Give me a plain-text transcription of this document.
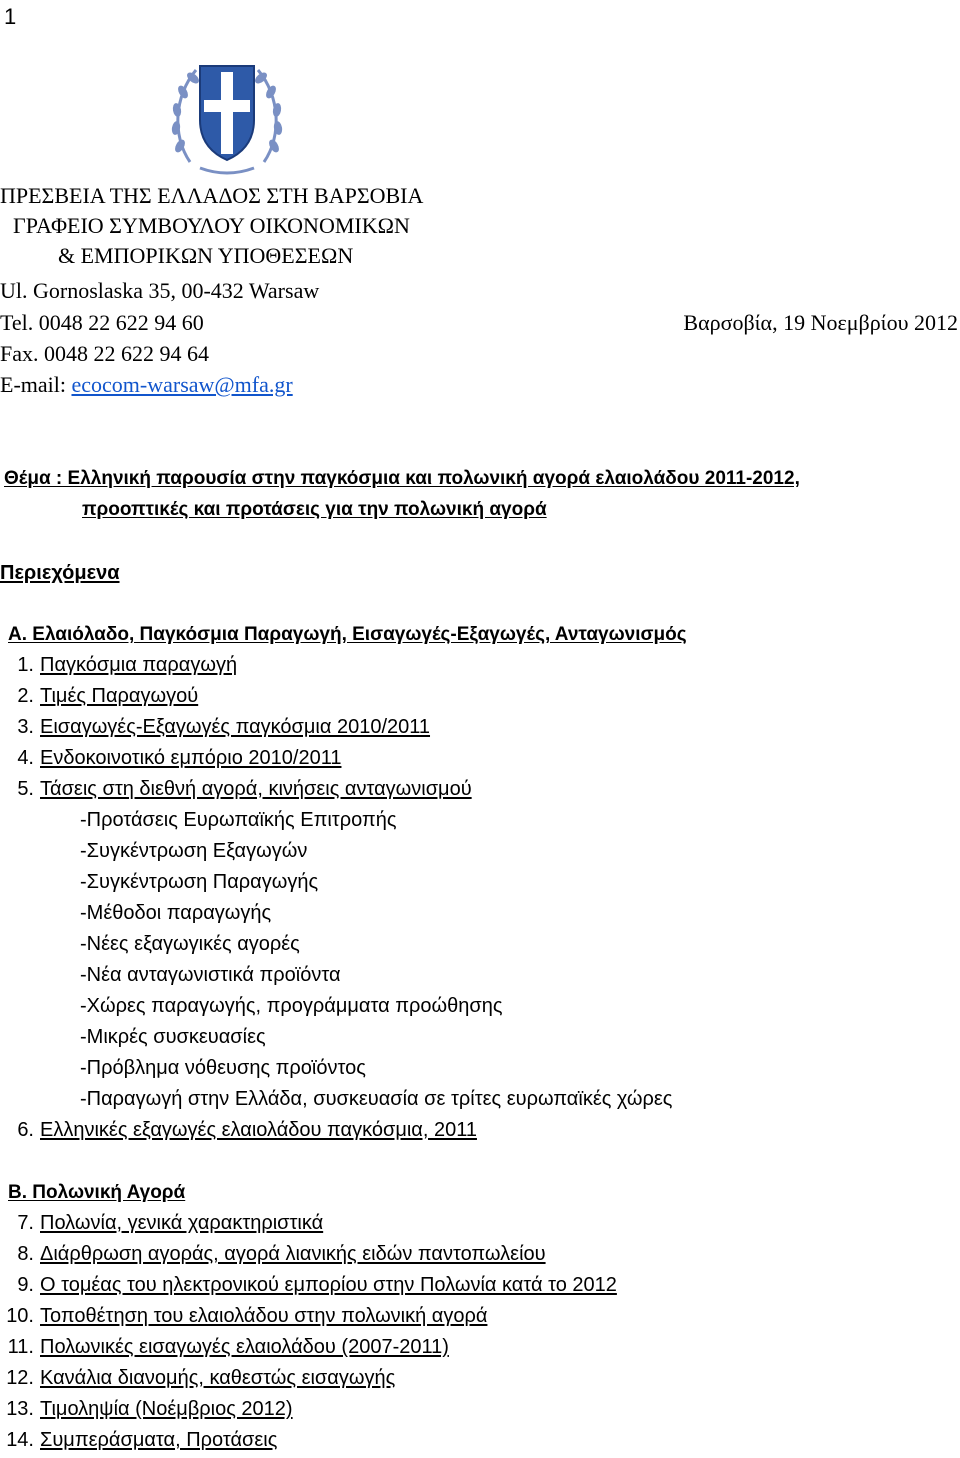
1
ΠΡΕΣΒΕΙΑ ΤΗΣ ΕΛΛΑΔΟΣ ΣΤΗ ΒΑΡΣΟΒΙΑ
ΓΡΑΦΕΙΟ ΣΥΜΒΟΥΛΟΥ ΟΙΚΟΝΟΜΙΚΩΝ
& ΕΜΠΟΡΙΚΩΝ ΥΠΟΘΕΣΕΩΝ
Ul. Gornoslaska 35, 00-432 Warsaw
Tel. 0048 22 622 94 60	Βαρσοβία, 19 Νοεμβρίου 2012
Fax. 0048 22 622 94 64
E-mail: ecocom-warsaw@mfa.gr
Θέμα : Ελληνική παρουσία στην παγκόσμια και πολωνική αγορά ελαιολάδου 2011-2012,
προοπτικές και προτάσεις για την πολωνική αγορά
Περιεχόμενα
Α. Ελαιόλαδο, Παγκόσμια Παραγωγή, Εισαγωγές-Εξαγωγές, Ανταγωνισμός
1. Παγκόσμια παραγωγή
2. Τιμές Παραγωγού
3. Εισαγωγές-Εξαγωγές παγκόσμια 2010/2011
4. Ενδοκοινοτικό εμπόριο 2010/2011
5. Τάσεις στη διεθνή αγορά, κινήσεις ανταγωνισμού
-Προτάσεις Ευρωπαϊκής Επιτροπής
-Συγκέντρωση Εξαγωγών
-Συγκέντρωση Παραγωγής
-Μέθοδοι παραγωγής
-Νέες εξαγωγικές αγορές
-Νέα ανταγωνιστικά προϊόντα
-Χώρες παραγωγής, προγράμματα προώθησης
-Μικρές συσκευασίες
-Πρόβλημα νόθευσης προϊόντος
-Παραγωγή στην Ελλάδα, συσκευασία σε τρίτες ευρωπαϊκές χώρες
6. Ελληνικές εξαγωγές ελαιολάδου παγκόσμια, 2011
Β. Πολωνική Αγορά
7. Πολωνία, γενικά χαρακτηριστικά
8. Διάρθρωση αγοράς, αγορά λιανικής ειδών παντοπωλείου
9. Ο τομέας του ηλεκτρονικού εμπορίου στην Πολωνία κατά το 2012
10. Τοποθέτηση του ελαιολάδου στην πολωνική αγορά
11. Πολωνικές εισαγωγές ελαιολάδου (2007-2011)
12. Κανάλια διανομής, καθεστώς εισαγωγής
13. Τιμοληψία (Νοέμβριος 2012)
14. Συμπεράσματα, Προτάσεις
